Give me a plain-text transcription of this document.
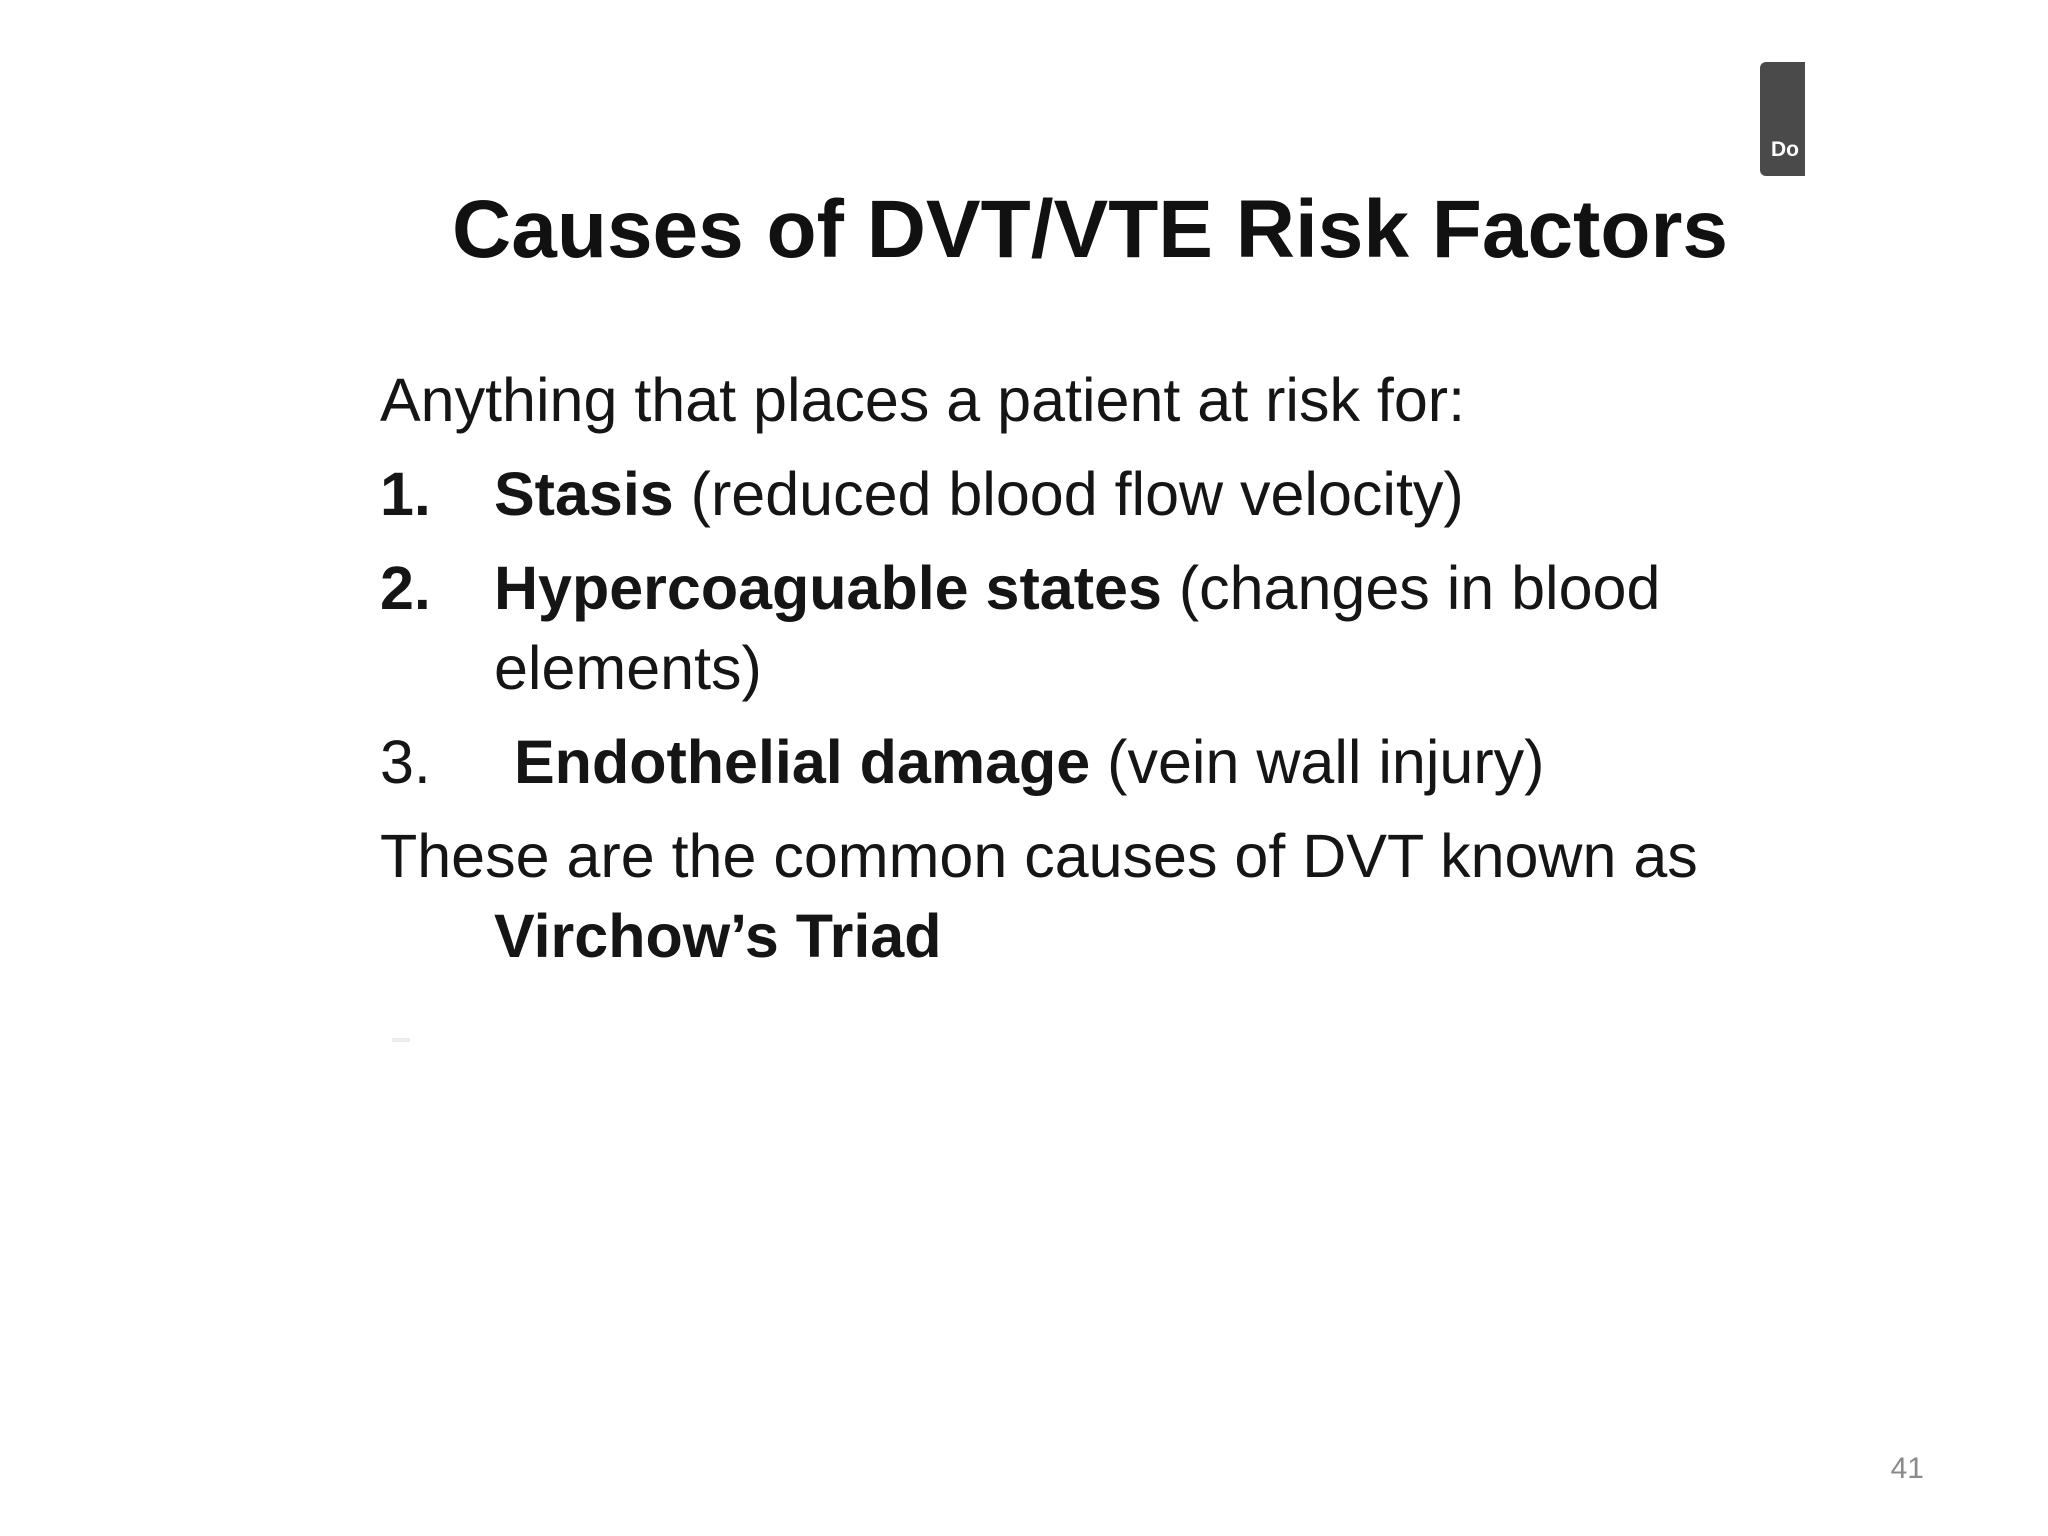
Do
Causes of DVT/VTE Risk Factors

Anything that places a patient at risk for:

1.	Stasis (reduced blood flow velocity)
2.	Hypercoaguable states (changes in blood elements)
3.	Endothelial damage (vein wall injury)

These are the common causes of DVT known as Virchow’s Triad

41
